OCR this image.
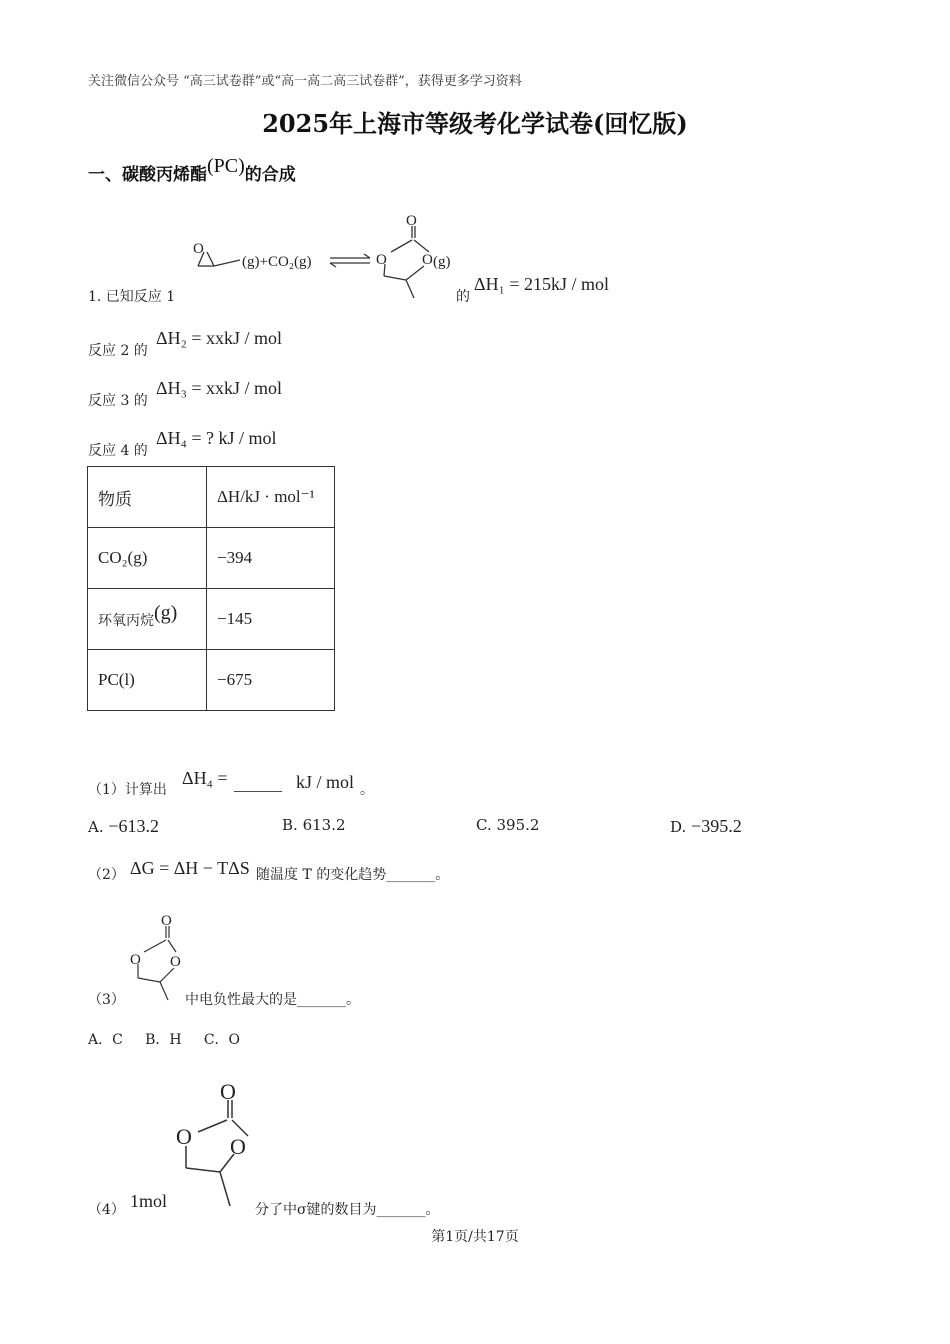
关注微信公众号 “高三试卷群”或“高一高二高三试卷群”，获得更多学习资料
2025年上海市等级考化学试卷(回忆版)
一、碳酸丙烯酯(PC)的合成
O
(g)+CO₂(g)
O
O O (g)
1. 已知反应 1	的
ΔH₁ = 215kJ / mol
反应 2 的
ΔH₂ = xxkJ / mol
反应 3 的
ΔH₃ = xxkJ / mol
反应 4 的
ΔH₄ = ? kJ / mol
物质	ΔH/kJ · mol⁻¹
CO₂(g)	−394
环氧丙烷(g)	−145
PC(l)	−675
（1）计算出
ΔH₄ = ______ kJ / mol 。
A. −613.2	B. 613.2	C. 395.2	D. −395.2
（2） ΔG = ΔH − TΔS 随温度 T 的变化趋势_______。
O
O O
（3）	中电负性最大的是_______。
A．C     B．H     C．O
O
O O
（4） 1mol	分了中σ键的数目为_______。
第1页/共17页
